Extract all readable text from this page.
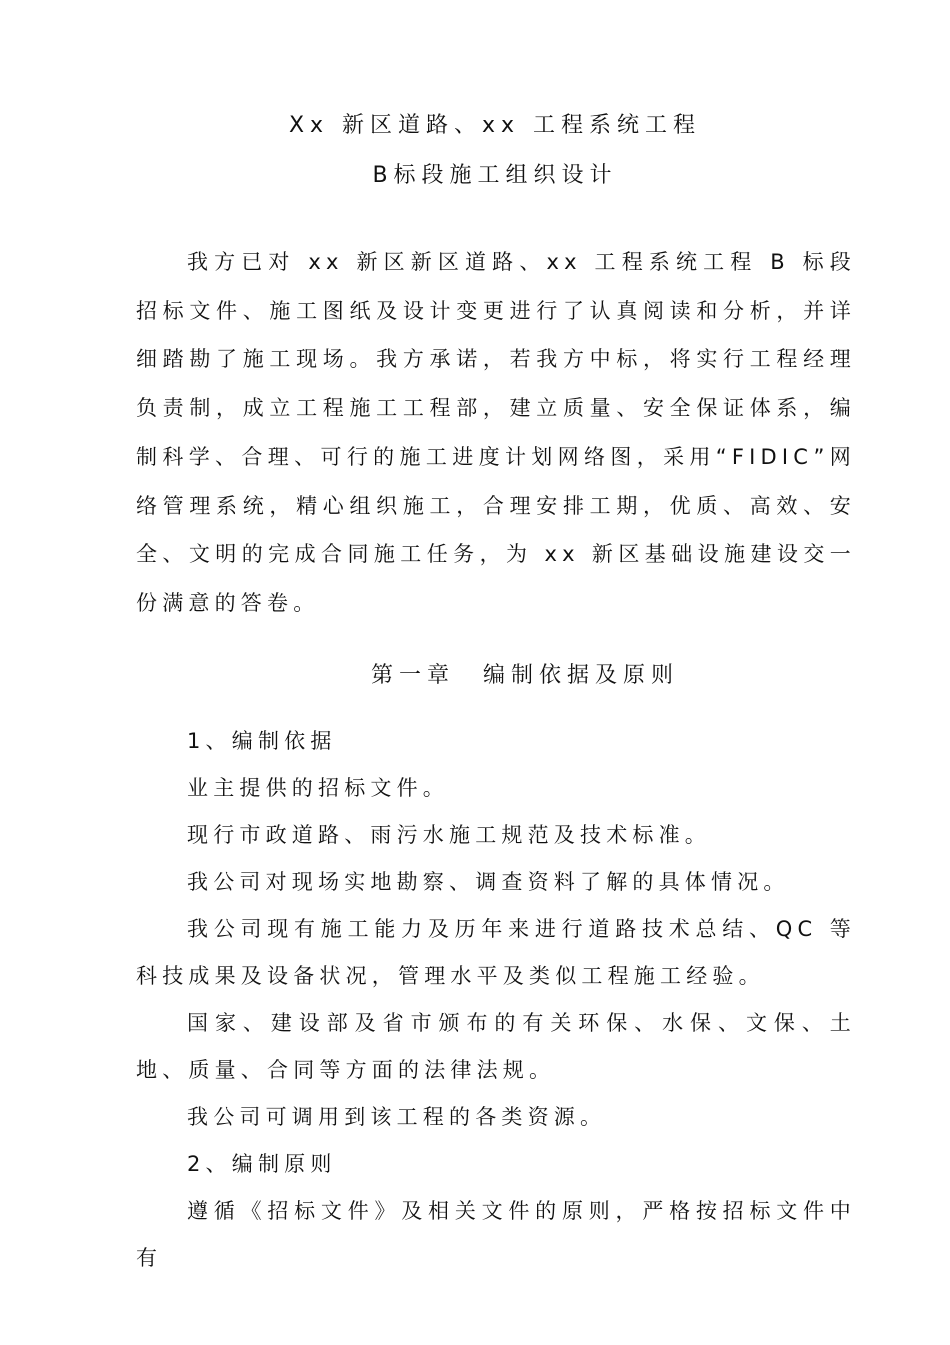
Xx 新区道路、xx 工程系统工程
B标段施工组织设计

我方已对 xx 新区新区道路、xx 工程系统工程 B 标段招标文件、施工图纸及设计变更进行了认真阅读和分析，并详细踏勘了施工现场。我方承诺，若我方中标，将实行工程经理负责制，成立工程施工工程部，建立质量、安全保证体系，编制科学、合理、可行的施工进度计划网络图，采用“FIDIC”网络管理系统，精心组织施工，合理安排工期，优质、高效、安全、文明的完成合同施工任务，为 xx 新区基础设施建设交一份满意的答卷。

第一章　编制依据及原则

1、编制依据

业主提供的招标文件。

现行市政道路、雨污水施工规范及技术标准。

我公司对现场实地勘察、调查资料了解的具体情况。

我公司现有施工能力及历年来进行道路技术总结、QC 等科技成果及设备状况，管理水平及类似工程施工经验。

国家、建设部及省市颁布的有关环保、水保、文保、土地、质量、合同等方面的法律法规。

我公司可调用到该工程的各类资源。

2、编制原则

遵循《招标文件》及相关文件的原则，严格按招标文件中有
